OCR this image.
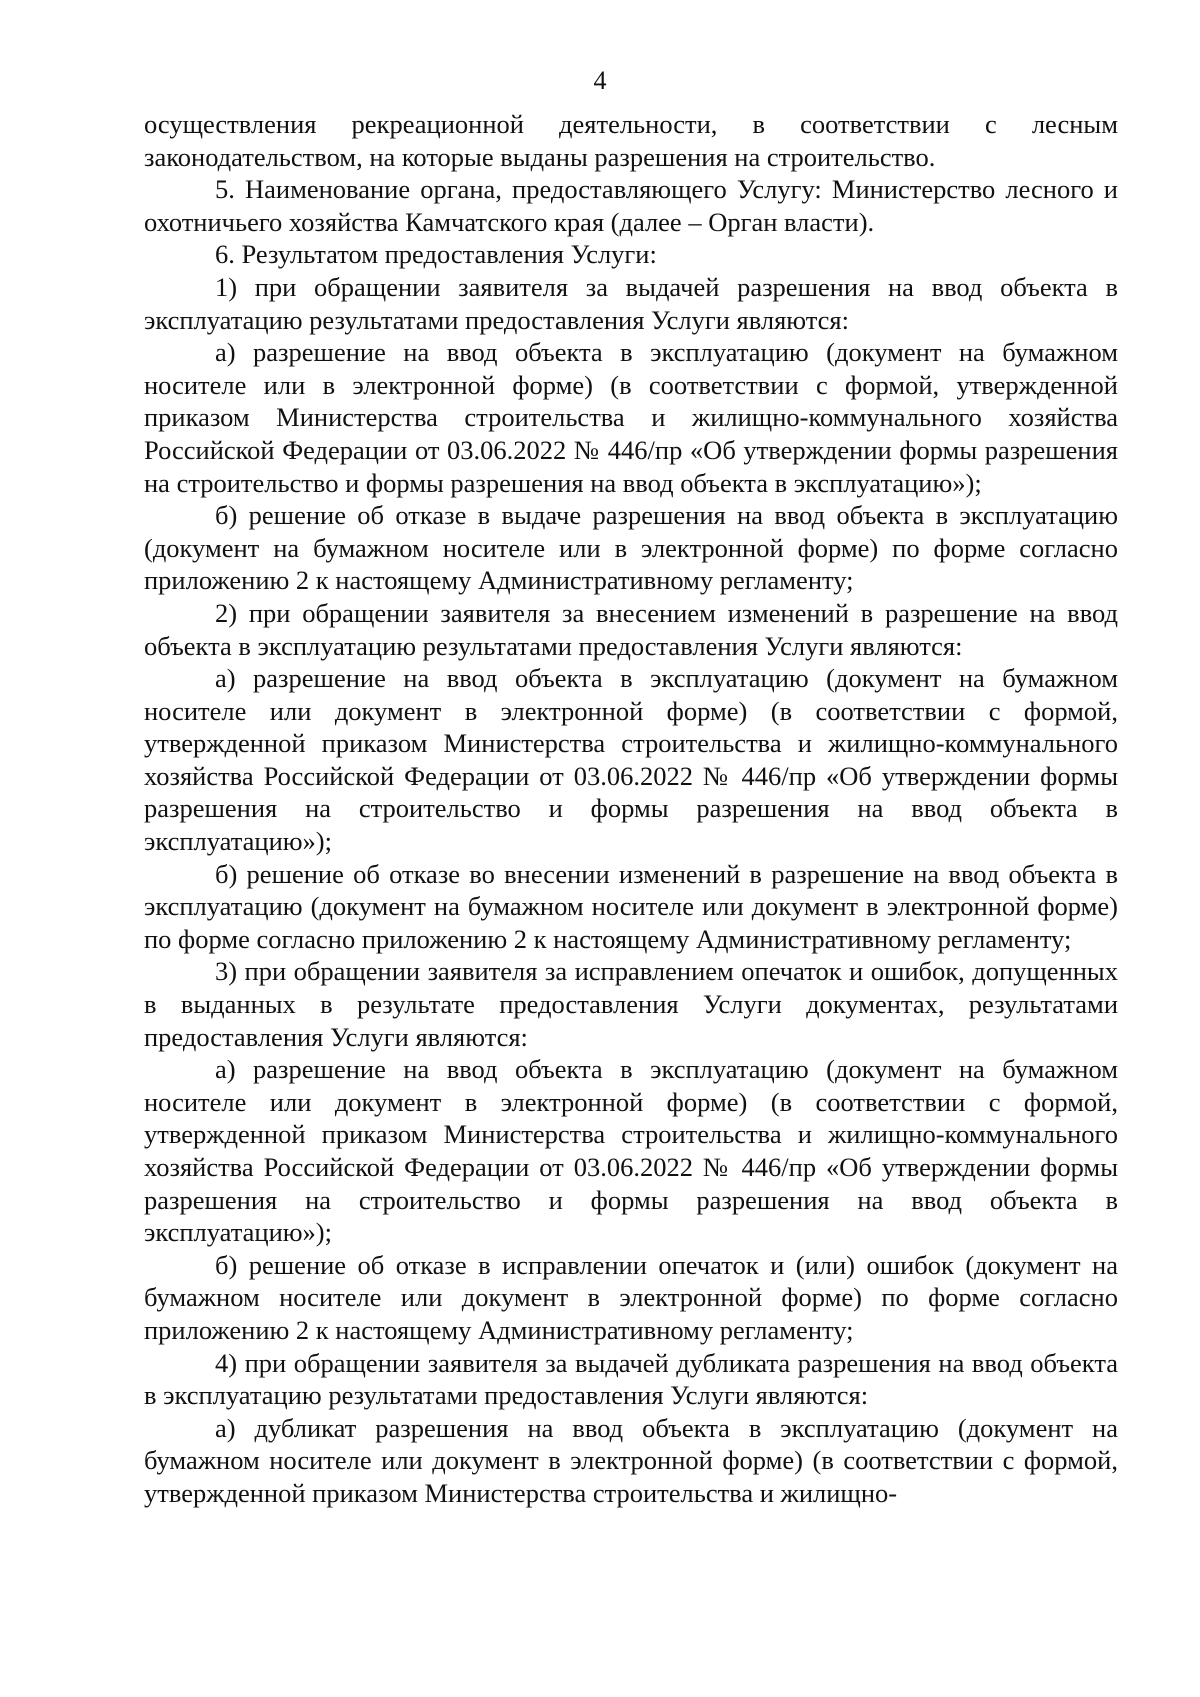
4

осуществления рекреационной деятельности, в соответствии с лесным законодательством, на которые выданы разрешения на строительство.

5. Наименование органа, предоставляющего Услугу: Министерство лесного и охотничьего хозяйства Камчатского края (далее – Орган власти).

6. Результатом предоставления Услуги:

1) при обращении заявителя за выдачей разрешения на ввод объекта в эксплуатацию результатами предоставления Услуги являются:

а) разрешение на ввод объекта в эксплуатацию (документ на бумажном носителе или в электронной форме) (в соответствии с формой, утвержденной приказом Министерства строительства и жилищно-коммунального хозяйства Российской Федерации от 03.06.2022 № 446/пр «Об утверждении формы разрешения на строительство и формы разрешения на ввод объекта в эксплуатацию»);

б) решение об отказе в выдаче разрешения на ввод объекта в эксплуатацию (документ на бумажном носителе или в электронной форме) по форме согласно приложению 2 к настоящему Административному регламенту;

2) при обращении заявителя за внесением изменений в разрешение на ввод объекта в эксплуатацию результатами предоставления Услуги являются:

а) разрешение на ввод объекта в эксплуатацию (документ на бумажном носителе или документ в электронной форме) (в соответствии с формой, утвержденной приказом Министерства строительства и жилищно-коммунального хозяйства Российской Федерации от 03.06.2022 № 446/пр «Об утверждении формы разрешения на строительство и формы разрешения на ввод объекта в эксплуатацию»);

б) решение об отказе во внесении изменений в разрешение на ввод объекта в эксплуатацию (документ на бумажном носителе или документ в электронной форме) по форме согласно приложению 2 к настоящему Административному регламенту;

3) при обращении заявителя за исправлением опечаток и ошибок, допущенных в выданных в результате предоставления Услуги документах, результатами предоставления Услуги являются:

а) разрешение на ввод объекта в эксплуатацию (документ на бумажном носителе или документ в электронной форме) (в соответствии с формой, утвержденной приказом Министерства строительства и жилищно-коммунального хозяйства Российской Федерации от 03.06.2022 № 446/пр «Об утверждении формы разрешения на строительство и формы разрешения на ввод объекта в эксплуатацию»);

б) решение об отказе в исправлении опечаток и (или) ошибок (документ на бумажном носителе или документ в электронной форме) по форме согласно приложению 2 к настоящему Административному регламенту;

4) при обращении заявителя за выдачей дубликата разрешения на ввод объекта в эксплуатацию результатами предоставления Услуги являются:

а) дубликат разрешения на ввод объекта в эксплуатацию (документ на бумажном носителе или документ в электронной форме) (в соответствии с формой, утвержденной приказом Министерства строительства и жилищно-
